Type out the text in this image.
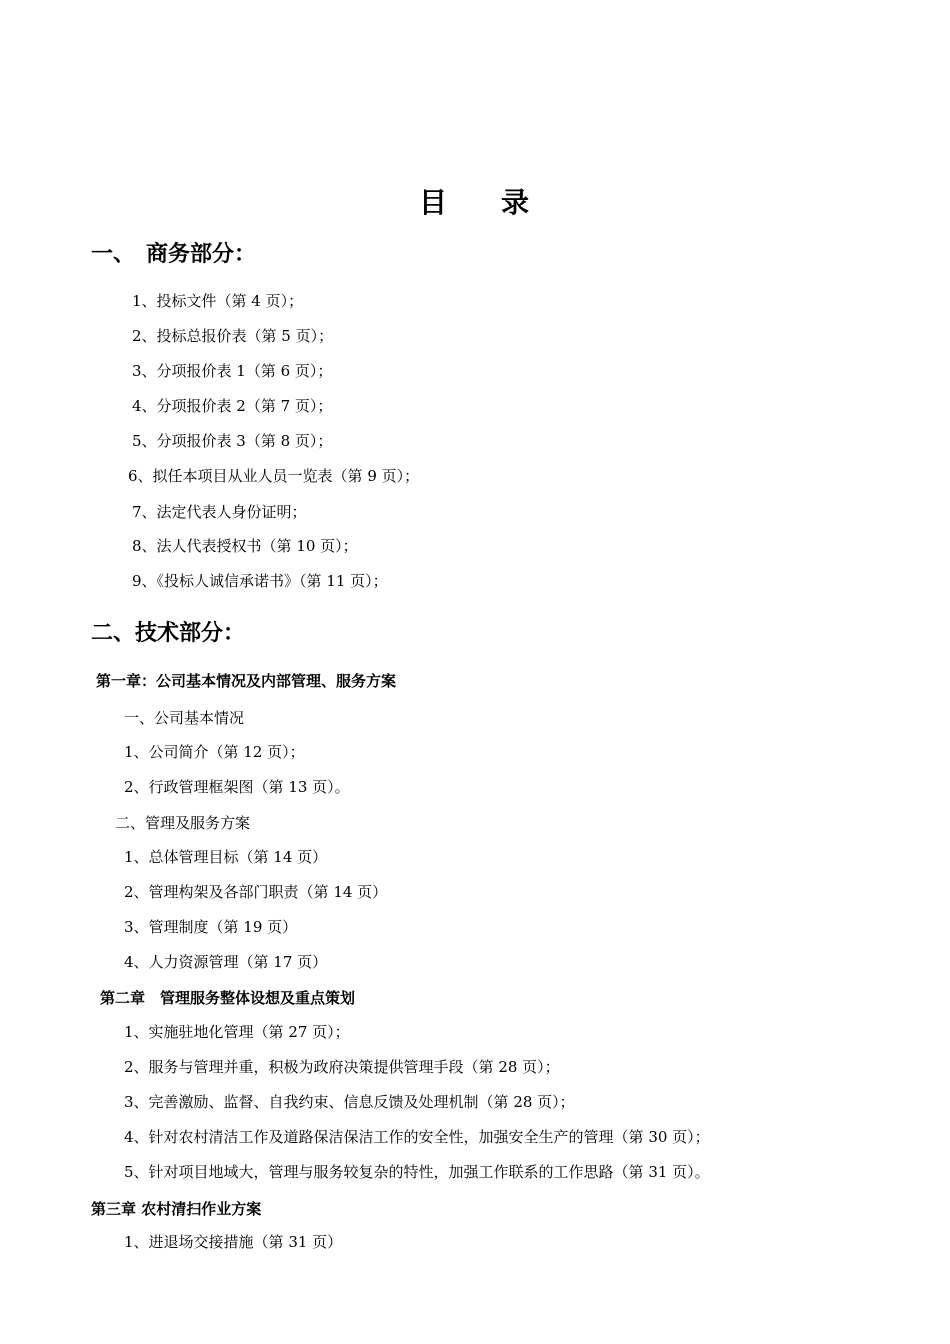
目 录
一、　商务部分：
1、投标文件（第 4 页）；
2、投标总报价表（第 5 页）；
3、分项报价表 1（第 6 页）；
4、分项报价表 2（第 7 页）；
5、分项报价表 3（第 8 页）；
6、拟任本项目从业人员一览表（第 9 页）；
7、法定代表人身份证明；
8、法人代表授权书（第 10 页）；
9、《投标人诚信承诺书》（第 11 页）；
二、技术部分：
第一章：公司基本情况及内部管理、服务方案
一、公司基本情况
1、公司简介（第 12 页）；
2、行政管理框架图（第 13 页）。
二、管理及服务方案
1、总体管理目标（第 14 页）
2、管理构架及各部门职责（第 14 页）
3、管理制度（第 19 页）
4、人力资源管理（第 17 页）
第二章　管理服务整体设想及重点策划
1、实施驻地化管理（第 27 页）；
2、服务与管理并重，积极为政府决策提供管理手段（第 28 页）；
3、完善激励、监督、自我约束、信息反馈及处理机制（第 28 页）；
4、针对农村清洁工作及道路保洁保洁工作的安全性，加强安全生产的管理（第 30 页）；
5、针对项目地域大，管理与服务较复杂的特性，加强工作联系的工作思路（第 31 页）。
第三章 农村清扫作业方案
1、进退场交接措施（第 31 页）
